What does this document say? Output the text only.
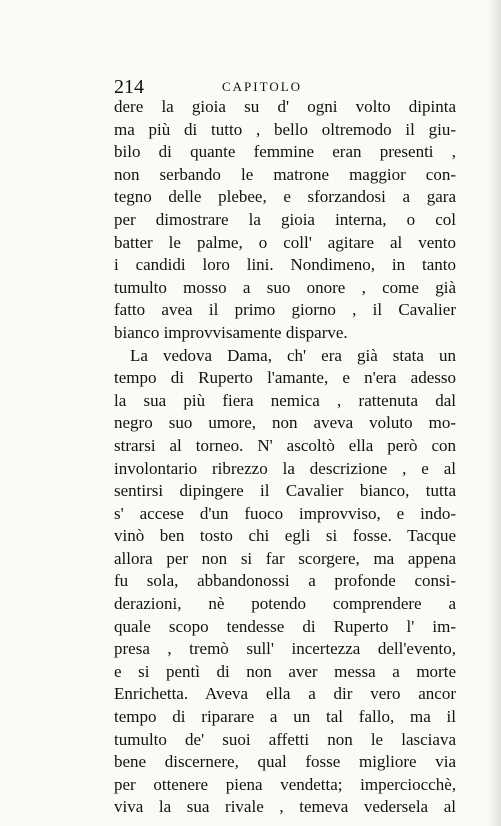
214	CAPITOLO
dere la gioia su d' ogni volto dipinta
ma più di tutto , bello oltremodo il giu-
bilo di quante femmine eran presenti ,
non serbando le matrone maggior con-
tegno delle plebee, e sforzandosi a gara
per dimostrare la gioia interna, o col
batter le palme, o coll' agitare al vento
i candidi loro lini. Nondimeno, in tanto
tumulto mosso a suo onore , come già
fatto avea il primo giorno , il Cavalier
bianco improvvisamente disparve.
La vedova Dama, ch' era già stata un
tempo di Ruperto l'amante, e n'era adesso
la sua più fiera nemica , rattenuta dal
negro suo umore, non aveva voluto mo-
strarsi al torneo. N' ascoltò ella però con
involontario ribrezzo la descrizione , e al
sentirsi dipingere il Cavalier bianco, tutta
s' accese d'un fuoco improvviso, e indo-
vinò ben tosto chi egli si fosse. Tacque
allora per non si far scorgere, ma appena
fu sola, abbandonossi a profonde consi-
derazioni, nè potendo comprendere a
quale scopo tendesse di Ruperto l' im-
presa , tremò sull' incertezza dell'evento,
e si pentì di non aver messa a morte
Enrichetta. Aveva ella a dir vero ancor
tempo di riparare a un tal fallo, ma il
tumulto de' suoi affetti non le lasciava
bene discernere, qual fosse migliore via
per ottenere piena vendetta; imperciocchè,
viva la sua rivale , temeva vedersela al
